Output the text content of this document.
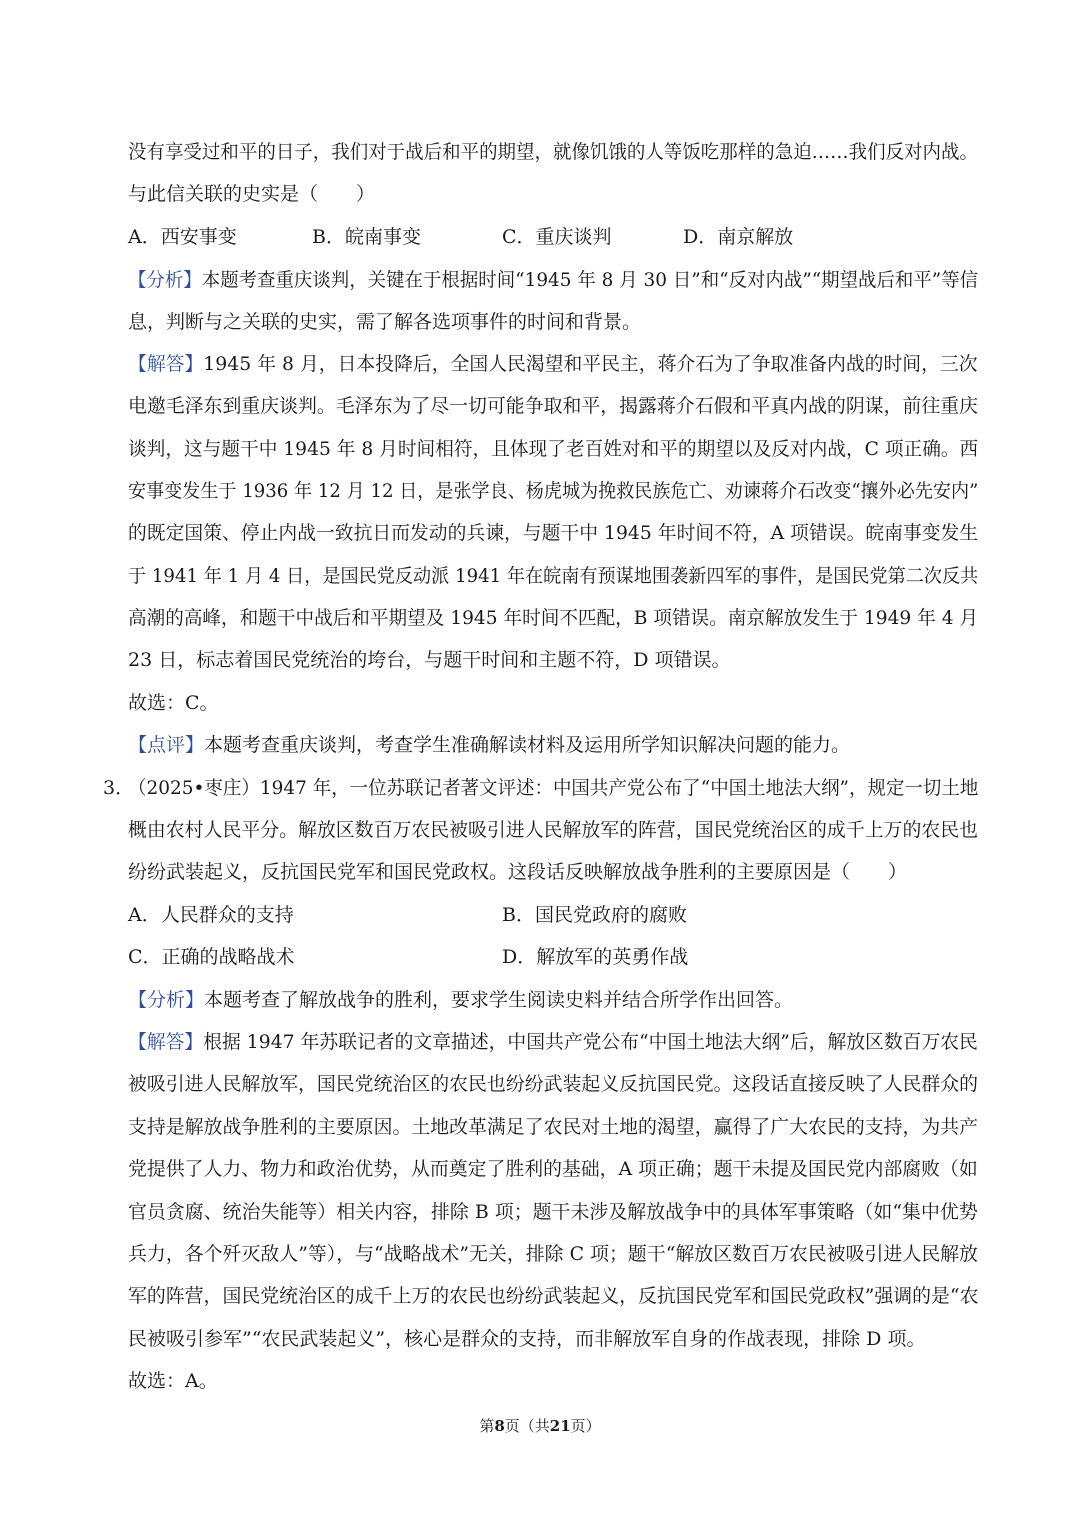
没有享受过和平的日子，我们对于战后和平的期望，就像饥饿的人等饭吃那样的急迫……我们反对内战。
与此信关联的史实是（　　）
A．西安事变	B．皖南事变	C．重庆谈判	D．南京解放
【分析】本题考查重庆谈判，关键在于根据时间“1945 年 8 月 30 日”和“反对内战”“期望战后和平”等信
息，判断与之关联的史实，需了解各选项事件的时间和背景。
【解答】1945 年 8 月，日本投降后，全国人民渴望和平民主，蒋介石为了争取准备内战的时间，三次
电邀毛泽东到重庆谈判。毛泽东为了尽一切可能争取和平，揭露蒋介石假和平真内战的阴谋，前往重庆
谈判，这与题干中 1945 年 8 月时间相符，且体现了老百姓对和平的期望以及反对内战，C 项正确。西
安事变发生于 1936 年 12 月 12 日，是张学良、杨虎城为挽救民族危亡、劝谏蒋介石改变“攘外必先安内”
的既定国策、停止内战一致抗日而发动的兵谏，与题干中 1945 年时间不符，A 项错误。皖南事变发生
于 1941 年 1 月 4 日，是国民党反动派 1941 年在皖南有预谋地围袭新四军的事件，是国民党第二次反共
高潮的高峰，和题干中战后和平期望及 1945 年时间不匹配，B 项错误。南京解放发生于 1949 年 4 月
23 日，标志着国民党统治的垮台，与题干时间和主题不符，D 项错误。
故选：C。
【点评】本题考查重庆谈判，考查学生准确解读材料及运用所学知识解决问题的能力。
3．
（2025•枣庄）1947 年，一位苏联记者著文评述：中国共产党公布了“中国土地法大纲”，规定一切土地
概由农村人民平分。解放区数百万农民被吸引进人民解放军的阵营，国民党统治区的成千上万的农民也
纷纷武装起义，反抗国民党军和国民党政权。这段话反映解放战争胜利的主要原因是（　　）
A．人民群众的支持	B．国民党政府的腐败
C．正确的战略战术	D．解放军的英勇作战
【分析】本题考查了解放战争的胜利，要求学生阅读史料并结合所学作出回答。
【解答】根据 1947 年苏联记者的文章描述，中国共产党公布“中国土地法大纲”后，解放区数百万农民
被吸引进人民解放军，国民党统治区的农民也纷纷武装起义反抗国民党。这段话直接反映了人民群众的
支持是解放战争胜利的主要原因。土地改革满足了农民对土地的渴望，赢得了广大农民的支持，为共产
党提供了人力、物力和政治优势，从而奠定了胜利的基础，A 项正确；题干未提及国民党内部腐败（如
官员贪腐、统治失能等）相关内容，排除 B 项；题干未涉及解放战争中的具体军事策略（如“集中优势
兵力，各个歼灭敌人”等），与“战略战术”无关，排除 C 项；题干“解放区数百万农民被吸引进人民解放
军的阵营，国民党统治区的成千上万的农民也纷纷武装起义，反抗国民党军和国民党政权”强调的是“农
民被吸引参军”“农民武装起义”，核心是群众的支持，而非解放军自身的作战表现，排除 D 项。
故选：A。
第8页（共21页）
